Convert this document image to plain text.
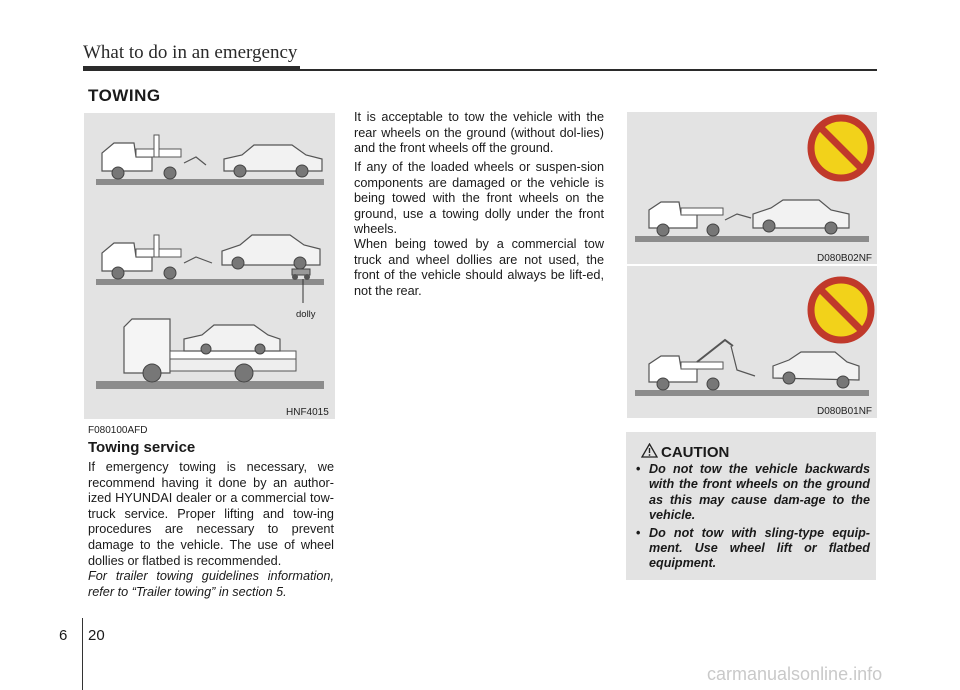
What to do in an emergency
TOWING
dolly
HNF4015
D080B02NF
D080B01NF
F080100AFD
Towing service
If emergency towing is necessary, we recommend having it done by an author-ized HYUNDAI dealer or a commercial tow-truck service. Proper lifting and tow-ing procedures are necessary to prevent damage to the vehicle. The use of wheel dollies or flatbed is recommended.
For trailer towing guidelines information, refer to “Trailer towing” in section 5.
It is acceptable to tow the vehicle with the rear wheels on the ground (without dol-lies) and the front wheels off the ground.
If any of the loaded wheels or suspen-sion components are damaged or the vehicle is being towed with the front wheels on the ground, use a towing dolly under the front wheels.
When being towed by a commercial tow truck and wheel dollies are not used, the front of the vehicle should always be lift-ed, not the rear.
CAUTION
• Do not tow the vehicle backwards with the front wheels on the ground as this may cause dam-age to the vehicle.
• Do not tow with sling-type equip-ment. Use wheel lift or flatbed equipment.
6 20
carmanualsonline.info
